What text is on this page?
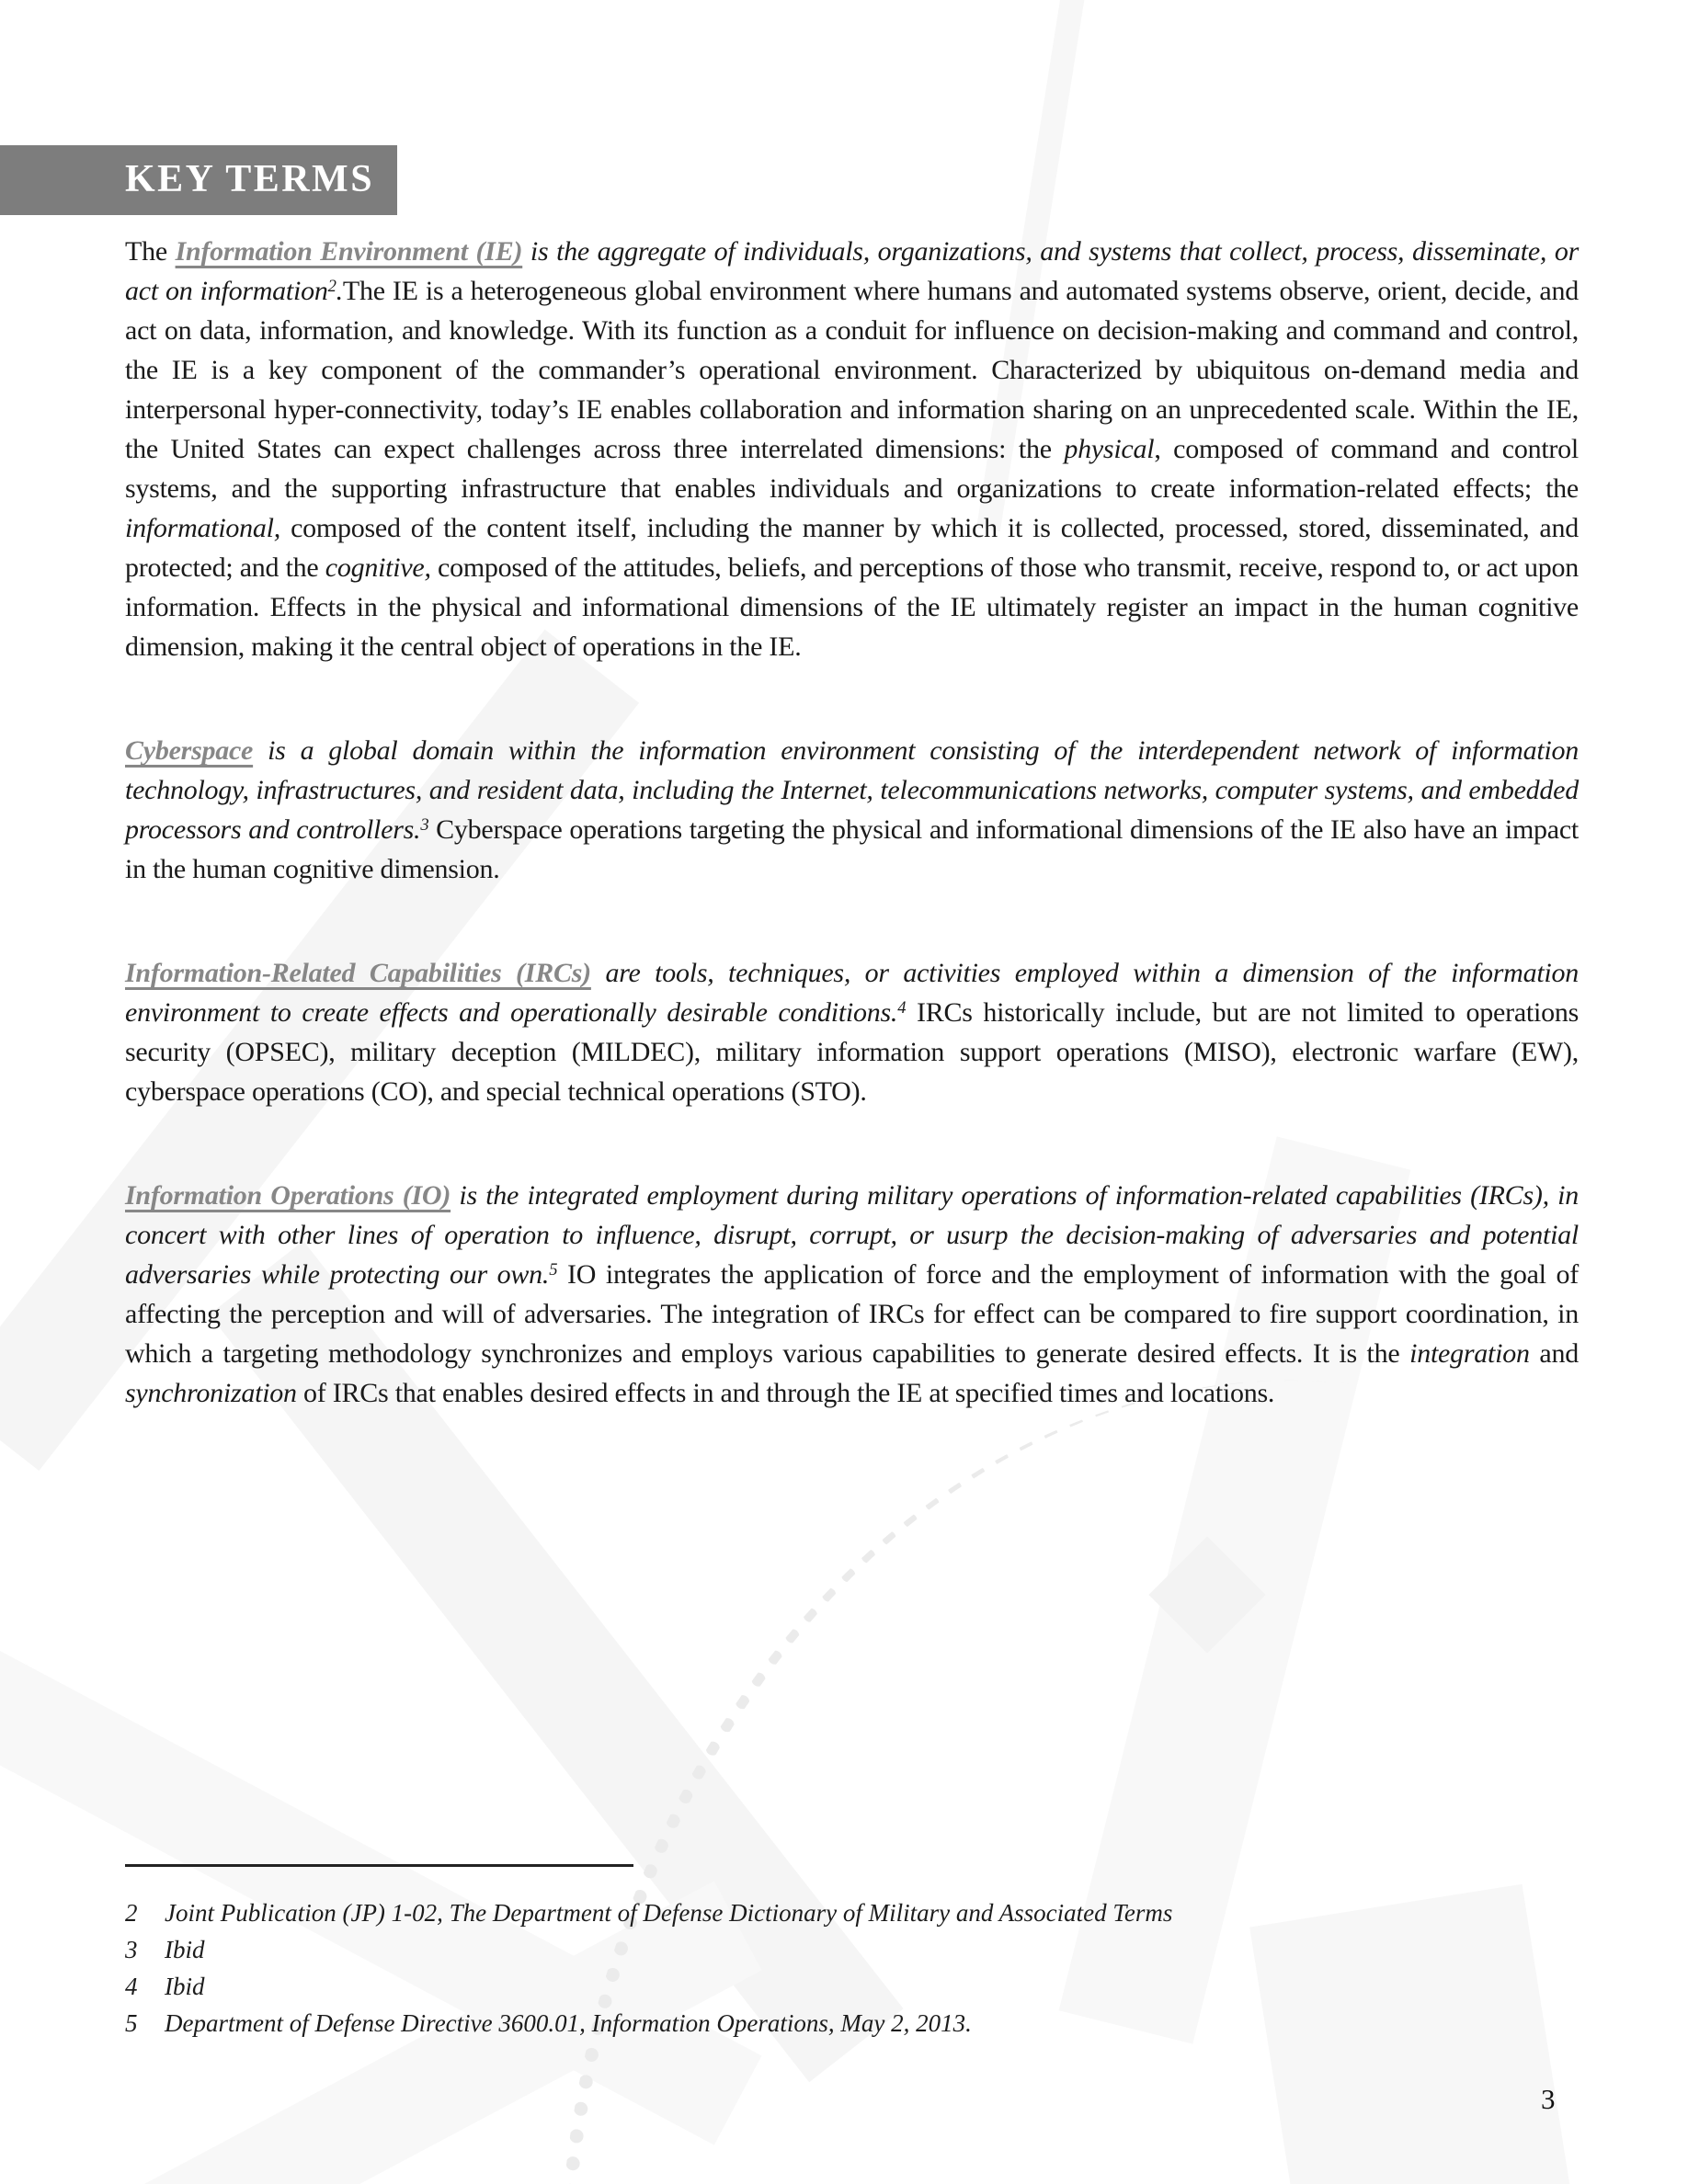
KEY TERMS

The Information Environment (IE) is the aggregate of individuals, organizations, and systems that collect, process, disseminate, or act on information$^2$.The IE is a heterogeneous global environment where humans and automated systems observe, orient, decide, and act on data, information, and knowledge. With its function as a conduit for influence on decision-making and command and control, the IE is a key component of the commander’s operational environment. Characterized by ubiquitous on-demand media and interpersonal hyper-connectivity, today’s IE enables collaboration and information sharing on an unprecedented scale. Within the IE, the United States can expect challenges across three interrelated dimensions: the physical, composed of command and control systems, and the supporting infrastructure that enables individuals and organizations to create information-related effects; the informational, composed of the content itself, including the manner by which it is collected, processed, stored, disseminated, and protected; and the cognitive, composed of the attitudes, beliefs, and perceptions of those who transmit, receive, respond to, or act upon information. Effects in the physical and informational dimensions of the IE ultimately register an impact in the human cognitive dimension, making it the central object of operations in the IE.

Cyberspace is a global domain within the information environment consisting of the interdependent network of information technology, infrastructures, and resident data, including the Internet, telecommunications networks, computer systems, and embedded processors and controllers.$^3$ Cyberspace operations targeting the physical and informational dimensions of the IE also have an impact in the human cognitive dimension.

Information-Related Capabilities (IRCs) are tools, techniques, or activities employed within a dimension of the information environment to create effects and operationally desirable conditions.$^4$ IRCs historically include, but are not limited to operations security (OPSEC), military deception (MILDEC), military information support operations (MISO), electronic warfare (EW), cyberspace operations (CO), and special technical operations (STO).

Information Operations (IO) is the integrated employment during military operations of information-related capabilities (IRCs), in concert with other lines of operation to influence, disrupt, corrupt, or usurp the decision-making of adversaries and potential adversaries while protecting our own.$^5$ IO integrates the application of force and the employment of information with the goal of affecting the perception and will of adversaries. The integration of IRCs for effect can be compared to fire support coordination, in which a targeting methodology synchronizes and employs various capabilities to generate desired effects. It is the integration and synchronization of IRCs that enables desired effects in and through the IE at specified times and locations.

2	Joint Publication (JP) 1-02, The Department of Defense Dictionary of Military and Associated Terms
3	Ibid
4	Ibid
5	Department of Defense Directive 3600.01, Information Operations, May 2, 2013.
3
